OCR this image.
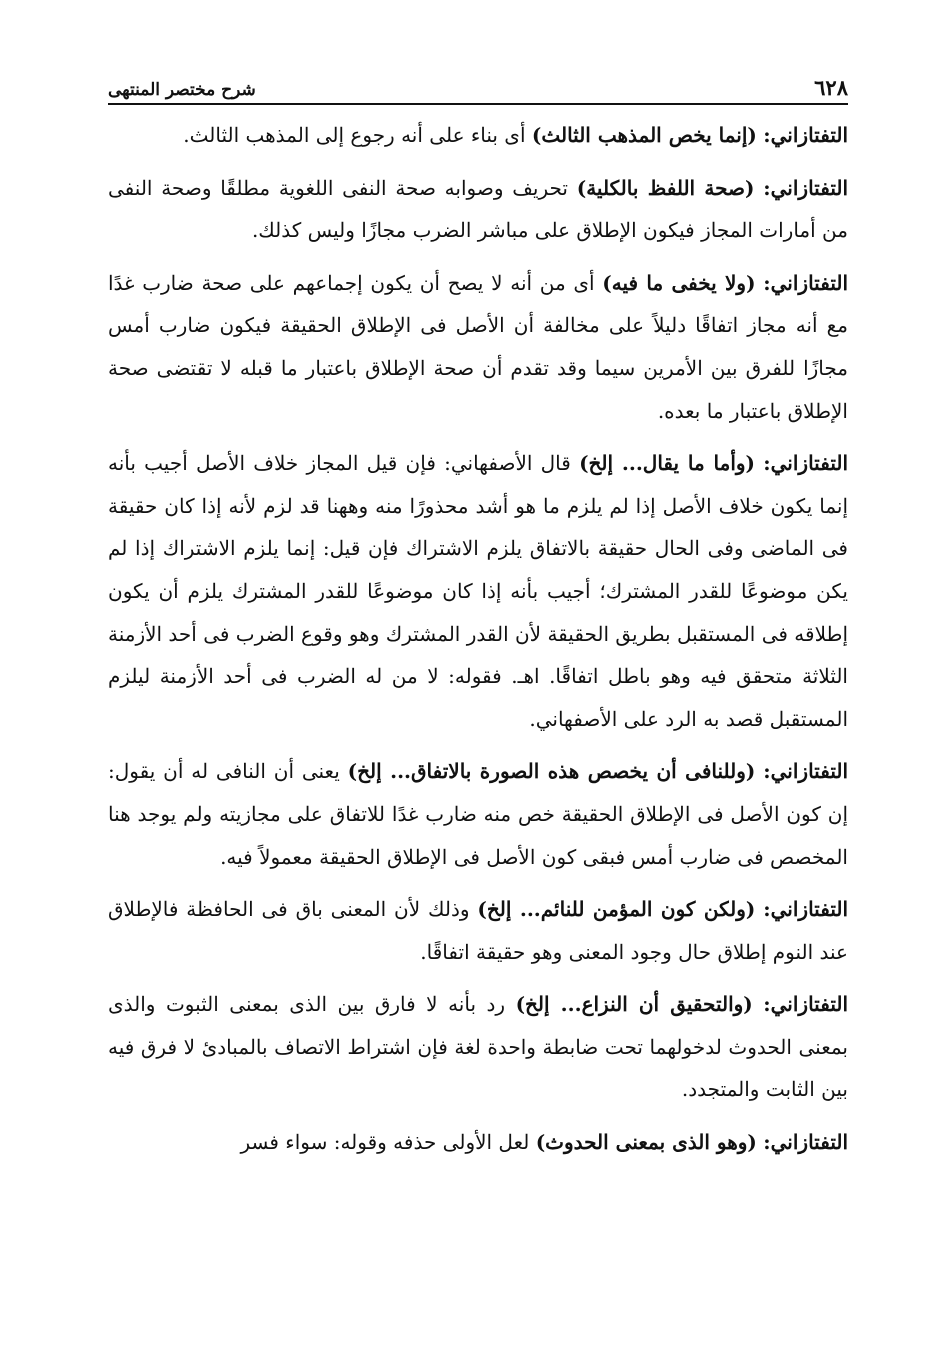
٦٢٨
شرح مختصر المنتهى

التفتازاني: (إنما يخص المذهب الثالث) أى بناء على أنه رجوع إلى المذهب الثالث.

التفتازاني: (صحة اللفظ بالكلية) تحريف وصوابه صحة النفى اللغوية مطلقًا وصحة النفى من أمارات المجاز فيكون الإطلاق على مباشر الضرب مجازًا وليس كذلك.

التفتازاني: (ولا يخفى ما فيه) أى من أنه لا يصح أن يكون إجماعهم على صحة ضارب غدًا مع أنه مجاز اتفاقًا دليلاً على مخالفة أن الأصل فى الإطلاق الحقيقة فيكون ضارب أمس مجازًا للفرق بين الأمرين سيما وقد تقدم أن صحة الإطلاق باعتبار ما قبله لا تقتضى صحة الإطلاق باعتبار ما بعده.

التفتازاني: (وأما ما يقال... إلخ) قال الأصفهاني: فإن قيل المجاز خلاف الأصل أجيب بأنه إنما يكون خلاف الأصل إذا لم يلزم ما هو أشد محذورًا منه وههنا قد لزم لأنه إذا كان حقيقة فى الماضى وفى الحال حقيقة بالاتفاق يلزم الاشتراك فإن قيل: إنما يلزم الاشتراك إذا لم يكن موضوعًا للقدر المشترك؛ أجيب بأنه إذا كان موضوعًا للقدر المشترك يلزم أن يكون إطلاقه فى المستقبل بطريق الحقيقة لأن القدر المشترك وهو وقوع الضرب فى أحد الأزمنة الثلاثة متحقق فيه وهو باطل اتفاقًا. اهـ. فقوله: لا من له الضرب فى أحد الأزمنة ليلزم المستقبل قصد به الرد على الأصفهاني.

التفتازاني: (وللنافى أن يخصص هذه الصورة بالاتفاق... إلخ) يعنى أن النافى له أن يقول: إن كون الأصل فى الإطلاق الحقيقة خص منه ضارب غدًا للاتفاق على مجازيته ولم يوجد هنا المخصص فى ضارب أمس فبقى كون الأصل فى الإطلاق الحقيقة معمولاً فيه.

التفتازاني: (ولكن كون المؤمن للنائم... إلخ) وذلك لأن المعنى باق فى الحافظة فالإطلاق عند النوم إطلاق حال وجود المعنى وهو حقيقة اتفاقًا.

التفتازاني: (والتحقيق أن النزاع... إلخ) رد بأنه لا فارق بين الذى بمعنى الثبوت والذى بمعنى الحدوث لدخولهما تحت ضابطة واحدة لغة فإن اشتراط الاتصاف بالمبادئ لا فرق فيه بين الثابت والمتجدد.

التفتازاني: (وهو الذى بمعنى الحدوث) لعل الأولى حذفه وقوله: سواء فسر
